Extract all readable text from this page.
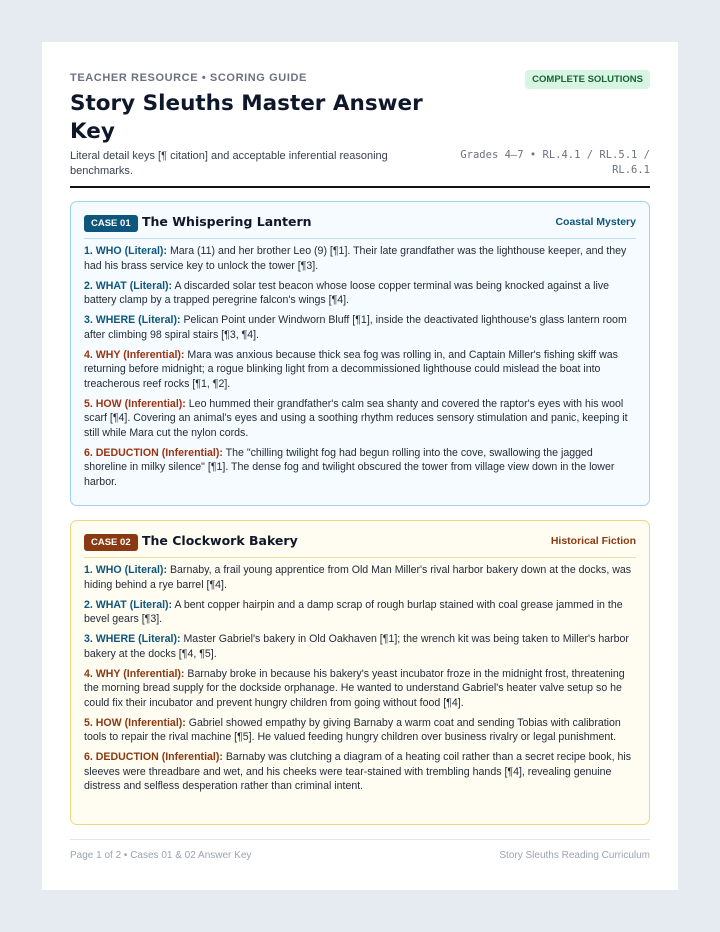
TEACHER RESOURCE • SCORING GUIDE	COMPLETE SOLUTIONS
Story Sleuths Master Answer Key

Literal detail keys [¶ citation] and acceptable inferential reasoning benchmarks.

Grades 4–7 • RL.4.1 / RL.5.1 / RL.6.1
CASE 01 The Whispering Lantern	Coastal Mystery

1. WHO (Literal): Mara (11) and her brother Leo (9) [¶1]. Their late grandfather was the lighthouse keeper, and they had his brass service key to unlock the tower [¶3].

2. WHAT (Literal): A discarded solar test beacon whose loose copper terminal was being knocked against a live battery clamp by a trapped peregrine falcon's wings [¶4].

3. WHERE (Literal): Pelican Point under Windworn Bluff [¶1], inside the deactivated lighthouse's glass lantern room after climbing 98 spiral stairs [¶3, ¶4].

4. WHY (Inferential): Mara was anxious because thick sea fog was rolling in, and Captain Miller's fishing skiff was returning before midnight; a rogue blinking light from a decommissioned lighthouse could mislead the boat into treacherous reef rocks [¶1, ¶2].

5. HOW (Inferential): Leo hummed their grandfather's calm sea shanty and covered the raptor's eyes with his wool scarf [¶4]. Covering an animal's eyes and using a soothing rhythm reduces sensory stimulation and panic, keeping it still while Mara cut the nylon cords.

6. DEDUCTION (Inferential): The "chilling twilight fog had begun rolling into the cove, swallowing the jagged shoreline in milky silence" [¶1]. The dense fog and twilight obscured the tower from village view down in the lower harbor.

CASE 02 The Clockwork Bakery	Historical Fiction

1. WHO (Literal): Barnaby, a frail young apprentice from Old Man Miller's rival harbor bakery down at the docks, was hiding behind a rye barrel [¶4].

2. WHAT (Literal): A bent copper hairpin and a damp scrap of rough burlap stained with coal grease jammed in the bevel gears [¶3].

3. WHERE (Literal): Master Gabriel's bakery in Old Oakhaven [¶1]; the wrench kit was being taken to Miller's harbor bakery at the docks [¶4, ¶5].

4. WHY (Inferential): Barnaby broke in because his bakery's yeast incubator froze in the midnight frost, threatening the morning bread supply for the dockside orphanage. He wanted to understand Gabriel's heater valve setup so he could fix their incubator and prevent hungry children from going without food [¶4].

5. HOW (Inferential): Gabriel showed empathy by giving Barnaby a warm coat and sending Tobias with calibration tools to repair the rival machine [¶5]. He valued feeding hungry children over business rivalry or legal punishment.

6. DEDUCTION (Inferential): Barnaby was clutching a diagram of a heating coil rather than a secret recipe book, his sleeves were threadbare and wet, and his cheeks were tear-stained with trembling hands [¶4], revealing genuine distress and selfless desperation rather than criminal intent.

Page 1 of 2 • Cases 01 & 02 Answer Key	Story Sleuths Reading Curriculum
